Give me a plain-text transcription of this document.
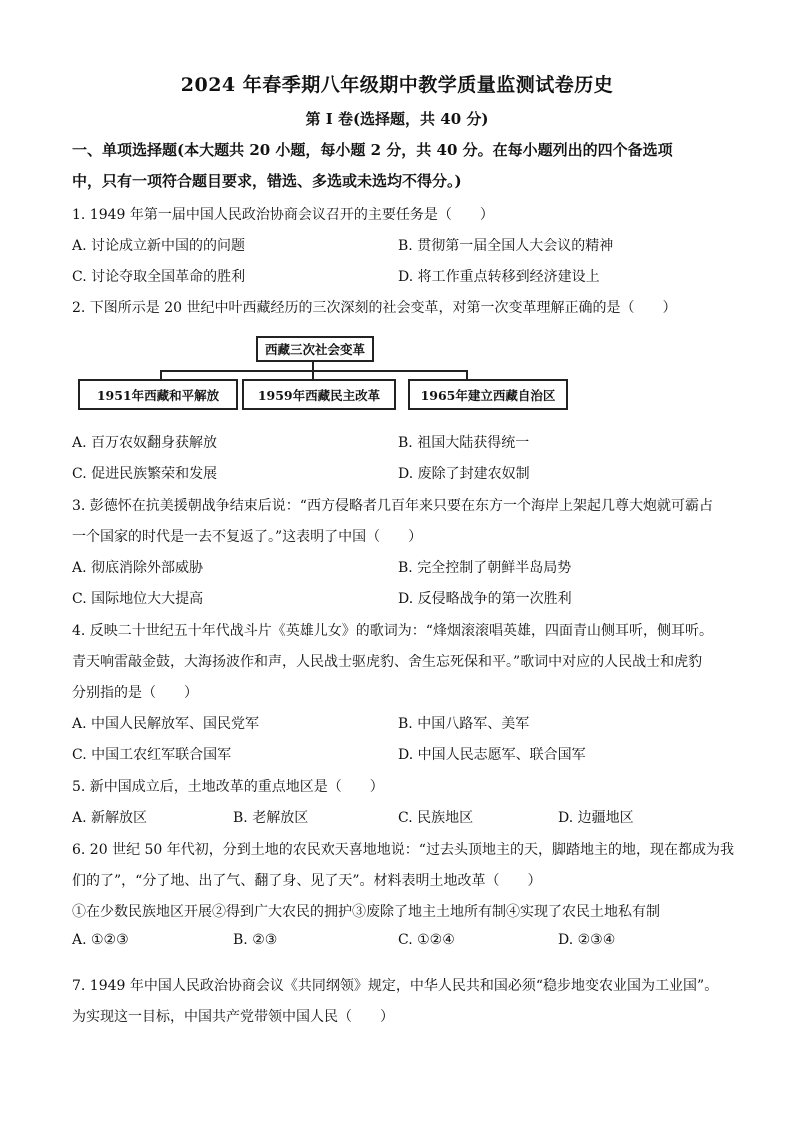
2024 年春季期八年级期中教学质量监测试卷历史
第 I 卷(选择题，共 40 分)
一、单项选择题(本大题共 20 小题，每小题 2 分，共 40 分。在每小题列出的四个备选项
中，只有一项符合题目要求，错选、多选或未选均不得分。)
1. 1949 年第一届中国人民政治协商会议召开的主要任务是（　　）
A. 讨论成立新中国的的问题	B. 贯彻第一届全国人大会议的精神
C. 讨论夺取全国革命的胜利	D. 将工作重点转移到经济建设上
2. 下图所示是 20 世纪中叶西藏经历的三次深刻的社会变革，对第一次变革理解正确的是（　　）
西藏三次社会变革
1951年西藏和平解放	1959年西藏民主改革	1965年建立西藏自治区
A. 百万农奴翻身获解放	B. 祖国大陆获得统一
C. 促进民族繁荣和发展	D. 废除了封建农奴制
3. 彭德怀在抗美援朝战争结束后说：“西方侵略者几百年来只要在东方一个海岸上架起几尊大炮就可霸占
一个国家的时代是一去不复返了。”这表明了中国（　　）
A. 彻底消除外部威胁	B. 完全控制了朝鲜半岛局势
C. 国际地位大大提高	D. 反侵略战争的第一次胜利
4. 反映二十世纪五十年代战斗片《英雄儿女》的歌词为：“烽烟滚滚唱英雄，四面青山侧耳听，侧耳听。
青天响雷敲金鼓，大海扬波作和声，人民战士驱虎豹、舍生忘死保和平。”歌词中对应的人民战士和虎豹
分别指的是（　　）
A. 中国人民解放军、国民党军	B. 中国八路军、美军
C. 中国工农红军联合国军	D. 中国人民志愿军、联合国军
5. 新中国成立后，土地改革的重点地区是（　　）
A. 新解放区	B. 老解放区	C. 民族地区	D. 边疆地区
6. 20 世纪 50 年代初，分到土地的农民欢天喜地地说：“过去头顶地主的天，脚踏地主的地，现在都成为我
们的了”，“分了地、出了气、翻了身、见了天”。材料表明土地改革（　　）
①在少数民族地区开展②得到广大农民的拥护③废除了地主土地所有制④实现了农民土地私有制
A. ①②③	B. ②③	C. ①②④	D. ②③④
7. 1949 年中国人民政治协商会议《共同纲领》规定，中华人民共和国必须“稳步地变农业国为工业国”。
为实现这一目标，中国共产党带领中国人民（　　）
